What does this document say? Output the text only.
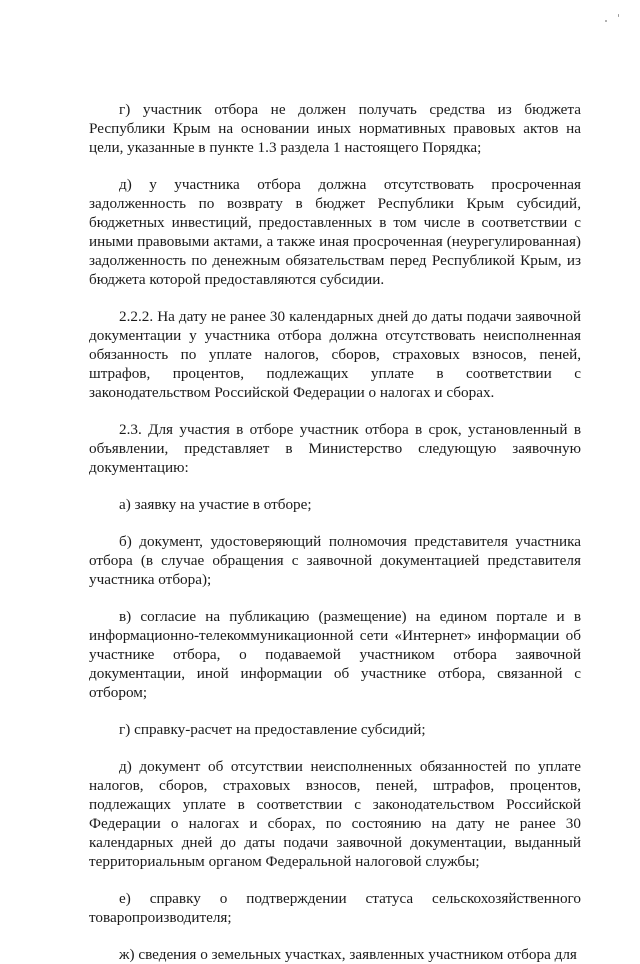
г) участник отбора не должен получать средства из бюджета Республики Крым на основании иных нормативных правовых актов на цели, указанные в пункте 1.3 раздела 1 настоящего Порядка;

д) у участника отбора должна отсутствовать просроченная задолженность по возврату в бюджет Республики Крым субсидий, бюджетных инвестиций, предоставленных в том числе в соответствии с иными правовыми актами, а также иная просроченная (неурегулированная) задолженность по денежным обязательствам перед Республикой Крым, из бюджета которой предоставляются субсидии.

2.2.2. На дату не ранее 30 календарных дней до даты подачи заявочной документации у участника отбора должна отсутствовать неисполненная обязанность по уплате налогов, сборов, страховых взносов, пеней, штрафов, процентов, подлежащих уплате в соответствии с законодательством Российской Федерации о налогах и сборах.

2.3. Для участия в отборе участник отбора в срок, установленный в объявлении, представляет в Министерство следующую заявочную документацию:

а) заявку на участие в отборе;

б) документ, удостоверяющий полномочия представителя участника отбора (в случае обращения с заявочной документацией представителя участника отбора);

в) согласие на публикацию (размещение) на едином портале и в информационно-телекоммуникационной сети «Интернет» информации об участнике отбора, о подаваемой участником отбора заявочной документации, иной информации об участнике отбора, связанной с отбором;

г) справку-расчет на предоставление субсидий;

д) документ об отсутствии неисполненных обязанностей по уплате налогов, сборов, страховых взносов, пеней, штрафов, процентов, подлежащих уплате в соответствии с законодательством Российской Федерации о налогах и сборах, по состоянию на дату не ранее 30 календарных дней до даты подачи заявочной документации, выданный территориальным органом Федеральной налоговой службы;

е) справку о подтверждении статуса сельскохозяйственного товаропроизводителя;

ж) сведения о земельных участках, заявленных участником отбора для
